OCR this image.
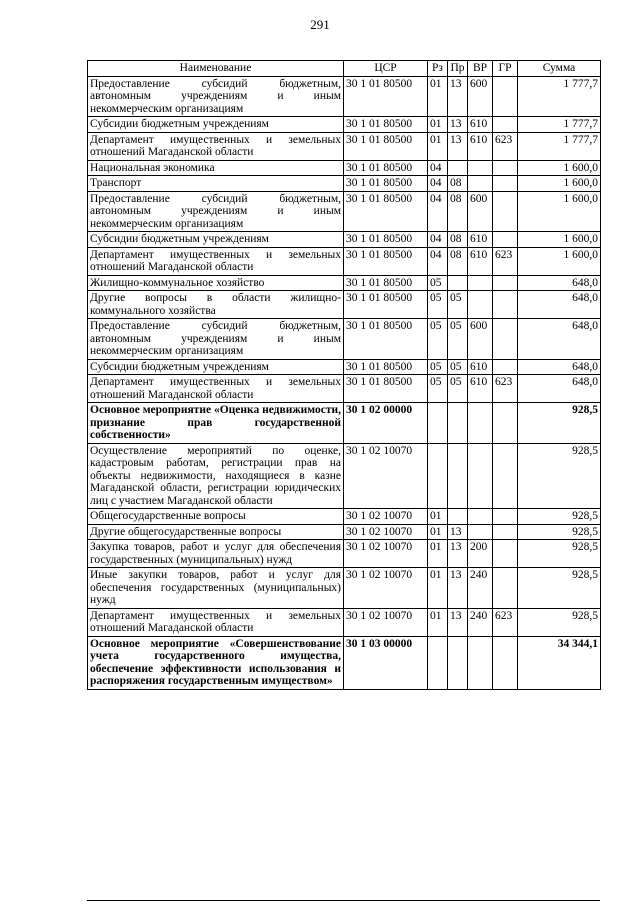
291
Наименование	ЦСР	Рз	Пр	ВР	ГР	Сумма
Предоставление субсидий бюджетным, автономным учреждениям и иным некоммерческим организациям	30 1 01 80500	01	13	600		1 777,7
Субсидии бюджетным учреждениям	30 1 01 80500	01	13	610		1 777,7
Департамент имущественных и земельных отношений Магаданской области	30 1 01 80500	01	13	610	623	1 777,7
Национальная экономика	30 1 01 80500	04				1 600,0
Транспорт	30 1 01 80500	04	08			1 600,0
Предоставление субсидий бюджетным, автономным учреждениям и иным некоммерческим организациям	30 1 01 80500	04	08	600		1 600,0
Субсидии бюджетным учреждениям	30 1 01 80500	04	08	610		1 600,0
Департамент имущественных и земельных отношений Магаданской области	30 1 01 80500	04	08	610	623	1 600,0
Жилищно-коммунальное хозяйство	30 1 01 80500	05				648,0
Другие вопросы в области жилищно-коммунального хозяйства	30 1 01 80500	05	05			648,0
Предоставление субсидий бюджетным, автономным учреждениям и иным некоммерческим организациям	30 1 01 80500	05	05	600		648,0
Субсидии бюджетным учреждениям	30 1 01 80500	05	05	610		648,0
Департамент имущественных и земельных отношений Магаданской области	30 1 01 80500	05	05	610	623	648,0
Основное мероприятие «Оценка недвижимости, признание прав государственной собственности»	30 1 02 00000					928,5
Осуществление мероприятий по оценке, кадастровым работам, регистрации прав на объекты недвижимости, находящиеся в казне Магаданской области, регистрации юридических лиц с участием Магаданской области	30 1 02 10070					928,5
Общегосударственные вопросы	30 1 02 10070	01				928,5
Другие общегосударственные вопросы	30 1 02 10070	01	13			928,5
Закупка товаров, работ и услуг для обеспечения государственных (муниципальных) нужд	30 1 02 10070	01	13	200		928,5
Иные закупки товаров, работ и услуг для обеспечения государственных (муниципальных) нужд	30 1 02 10070	01	13	240		928,5
Департамент имущественных и земельных отношений Магаданской области	30 1 02 10070	01	13	240	623	928,5
Основное мероприятие «Совершенствование учета государственного имущества, обеспечение эффективности использования и распоряжения государственным имуществом»	30 1 03 00000					34 344,1
